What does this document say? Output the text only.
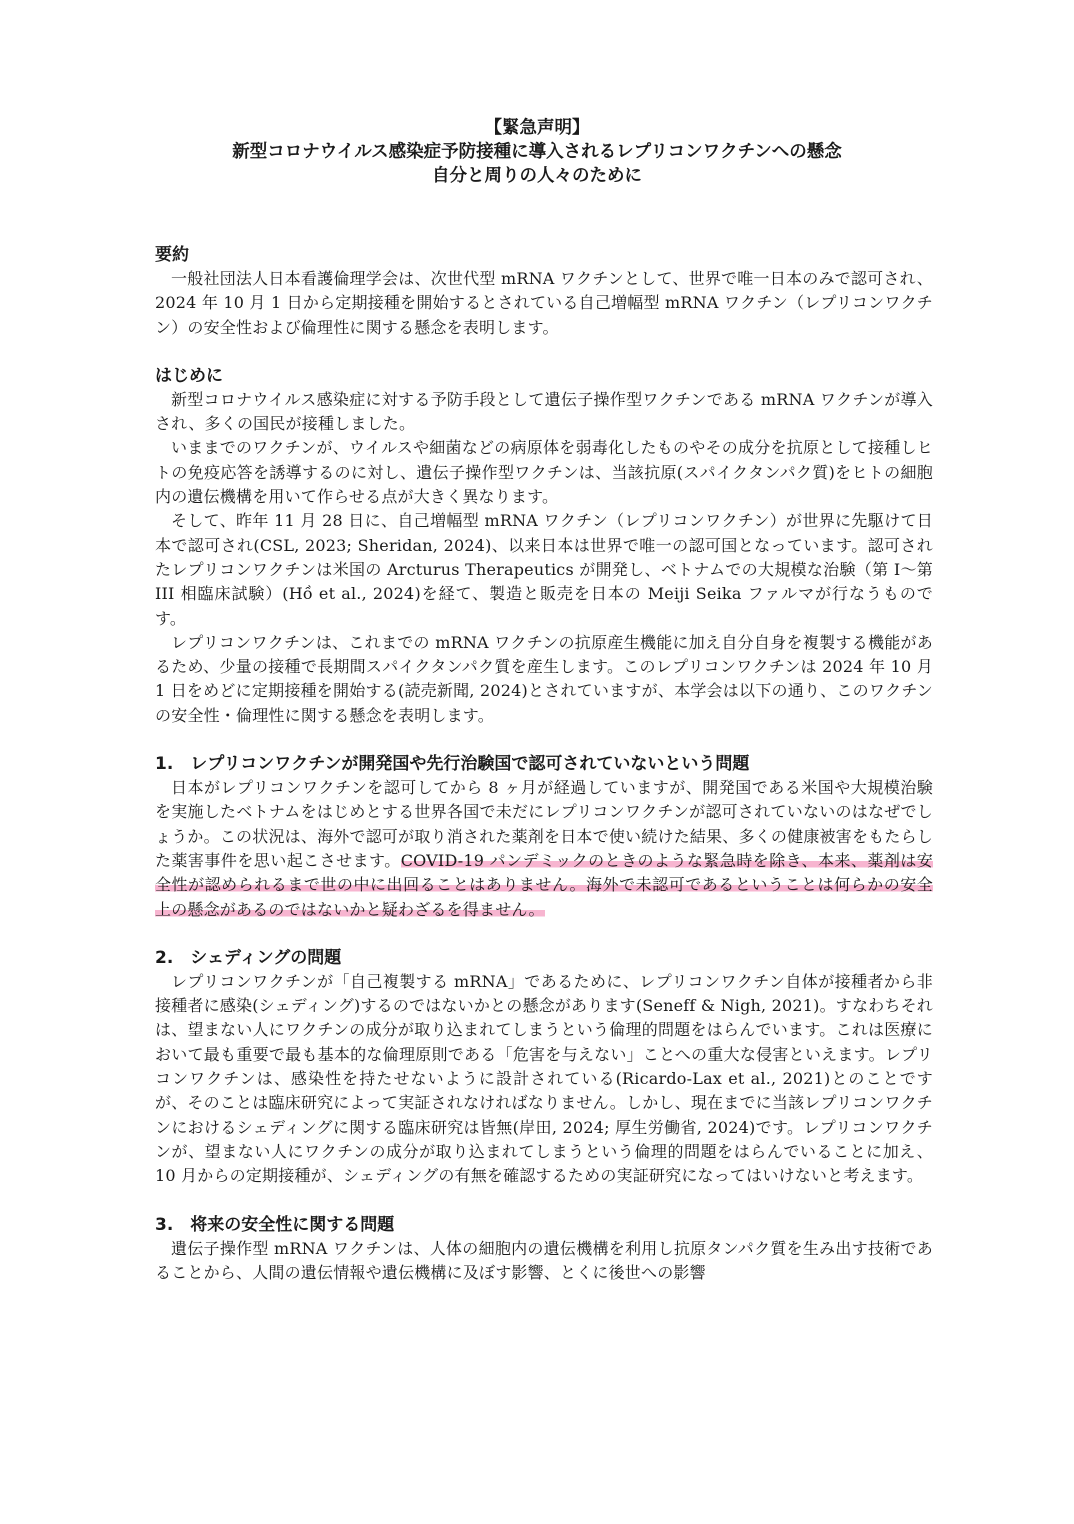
【緊急声明】
新型コロナウイルス感染症予防接種に導入されるレプリコンワクチンへの懸念
自分と周りの人々のために
要約

一般社団法人日本看護倫理学会は、次世代型 mRNA ワクチンとして、世界で唯一日本のみで認可され、2024 年 10 月 1 日から定期接種を開始するとされている自己増幅型 mRNA ワクチン（レプリコンワクチン）の安全性および倫理性に関する懸念を表明します。

はじめに

新型コロナウイルス感染症に対する予防手段として遺伝子操作型ワクチンである mRNA ワクチンが導入され、多くの国民が接種しました。

いままでのワクチンが、ウイルスや細菌などの病原体を弱毒化したものやその成分を抗原として接種しヒトの免疫応答を誘導するのに対し、遺伝子操作型ワクチンは、当該抗原(スパイクタンパク質)をヒトの細胞内の遺伝機構を用いて作らせる点が大きく異なります。

そして、昨年 11 月 28 日に、自己増幅型 mRNA ワクチン（レプリコンワクチン）が世界に先駆けて日本で認可され(CSL, 2023; Sheridan, 2024)、以来日本は世界で唯一の認可国となっています。認可されたレプリコンワクチンは米国の Arcturus Therapeutics が開発し、ベトナムでの大規模な治験（第 I〜第 III 相臨床試験）(Hồ et al., 2024)を経て、製造と販売を日本の Meiji Seika ファルマが行なうものです。

レプリコンワクチンは、これまでの mRNA ワクチンの抗原産生機能に加え自分自身を複製する機能があるため、少量の接種で長期間スパイクタンパク質を産生します。このレプリコンワクチンは 2024 年 10 月 1 日をめどに定期接種を開始する(読売新聞, 2024)とされていますが、本学会は以下の通り、このワクチンの安全性・倫理性に関する懸念を表明します。

1.　レプリコンワクチンが開発国や先行治験国で認可されていないという問題

日本がレプリコンワクチンを認可してから 8 ヶ月が経過していますが、開発国である米国や大規模治験を実施したベトナムをはじめとする世界各国で未だにレプリコンワクチンが認可されていないのはなぜでしょうか。この状況は、海外で認可が取り消された薬剤を日本で使い続けた結果、多くの健康被害をもたらした薬害事件を思い起こさせます。COVID-19 パンデミックのときのような緊急時を除き、本来、薬剤は安全性が認められるまで世の中に出回ることはありません。海外で未認可であるということは何らかの安全上の懸念があるのではないかと疑わざるを得ません。

2.　シェディングの問題

レプリコンワクチンが「自己複製する mRNA」であるために、レプリコンワクチン自体が接種者から非接種者に感染(シェディング)するのではないかとの懸念があります(Seneff & Nigh, 2021)。すなわちそれは、望まない人にワクチンの成分が取り込まれてしまうという倫理的問題をはらんでいます。これは医療において最も重要で最も基本的な倫理原則である「危害を与えない」ことへの重大な侵害といえます。レプリコンワクチンは、感染性を持たせないように設計されている(Ricardo-Lax et al., 2021)とのことですが、そのことは臨床研究によって実証されなければなりません。しかし、現在までに当該レプリコンワクチンにおけるシェディングに関する臨床研究は皆無(岸田, 2024; 厚生労働省, 2024)です。レプリコンワクチンが、望まない人にワクチンの成分が取り込まれてしまうという倫理的問題をはらんでいることに加え、10 月からの定期接種が、シェディングの有無を確認するための実証研究になってはいけないと考えます。

3.　将来の安全性に関する問題

遺伝子操作型 mRNA ワクチンは、人体の細胞内の遺伝機構を利用し抗原タンパク質を生み出す技術であることから、人間の遺伝情報や遺伝機構に及ぼす影響、とくに後世への影響
